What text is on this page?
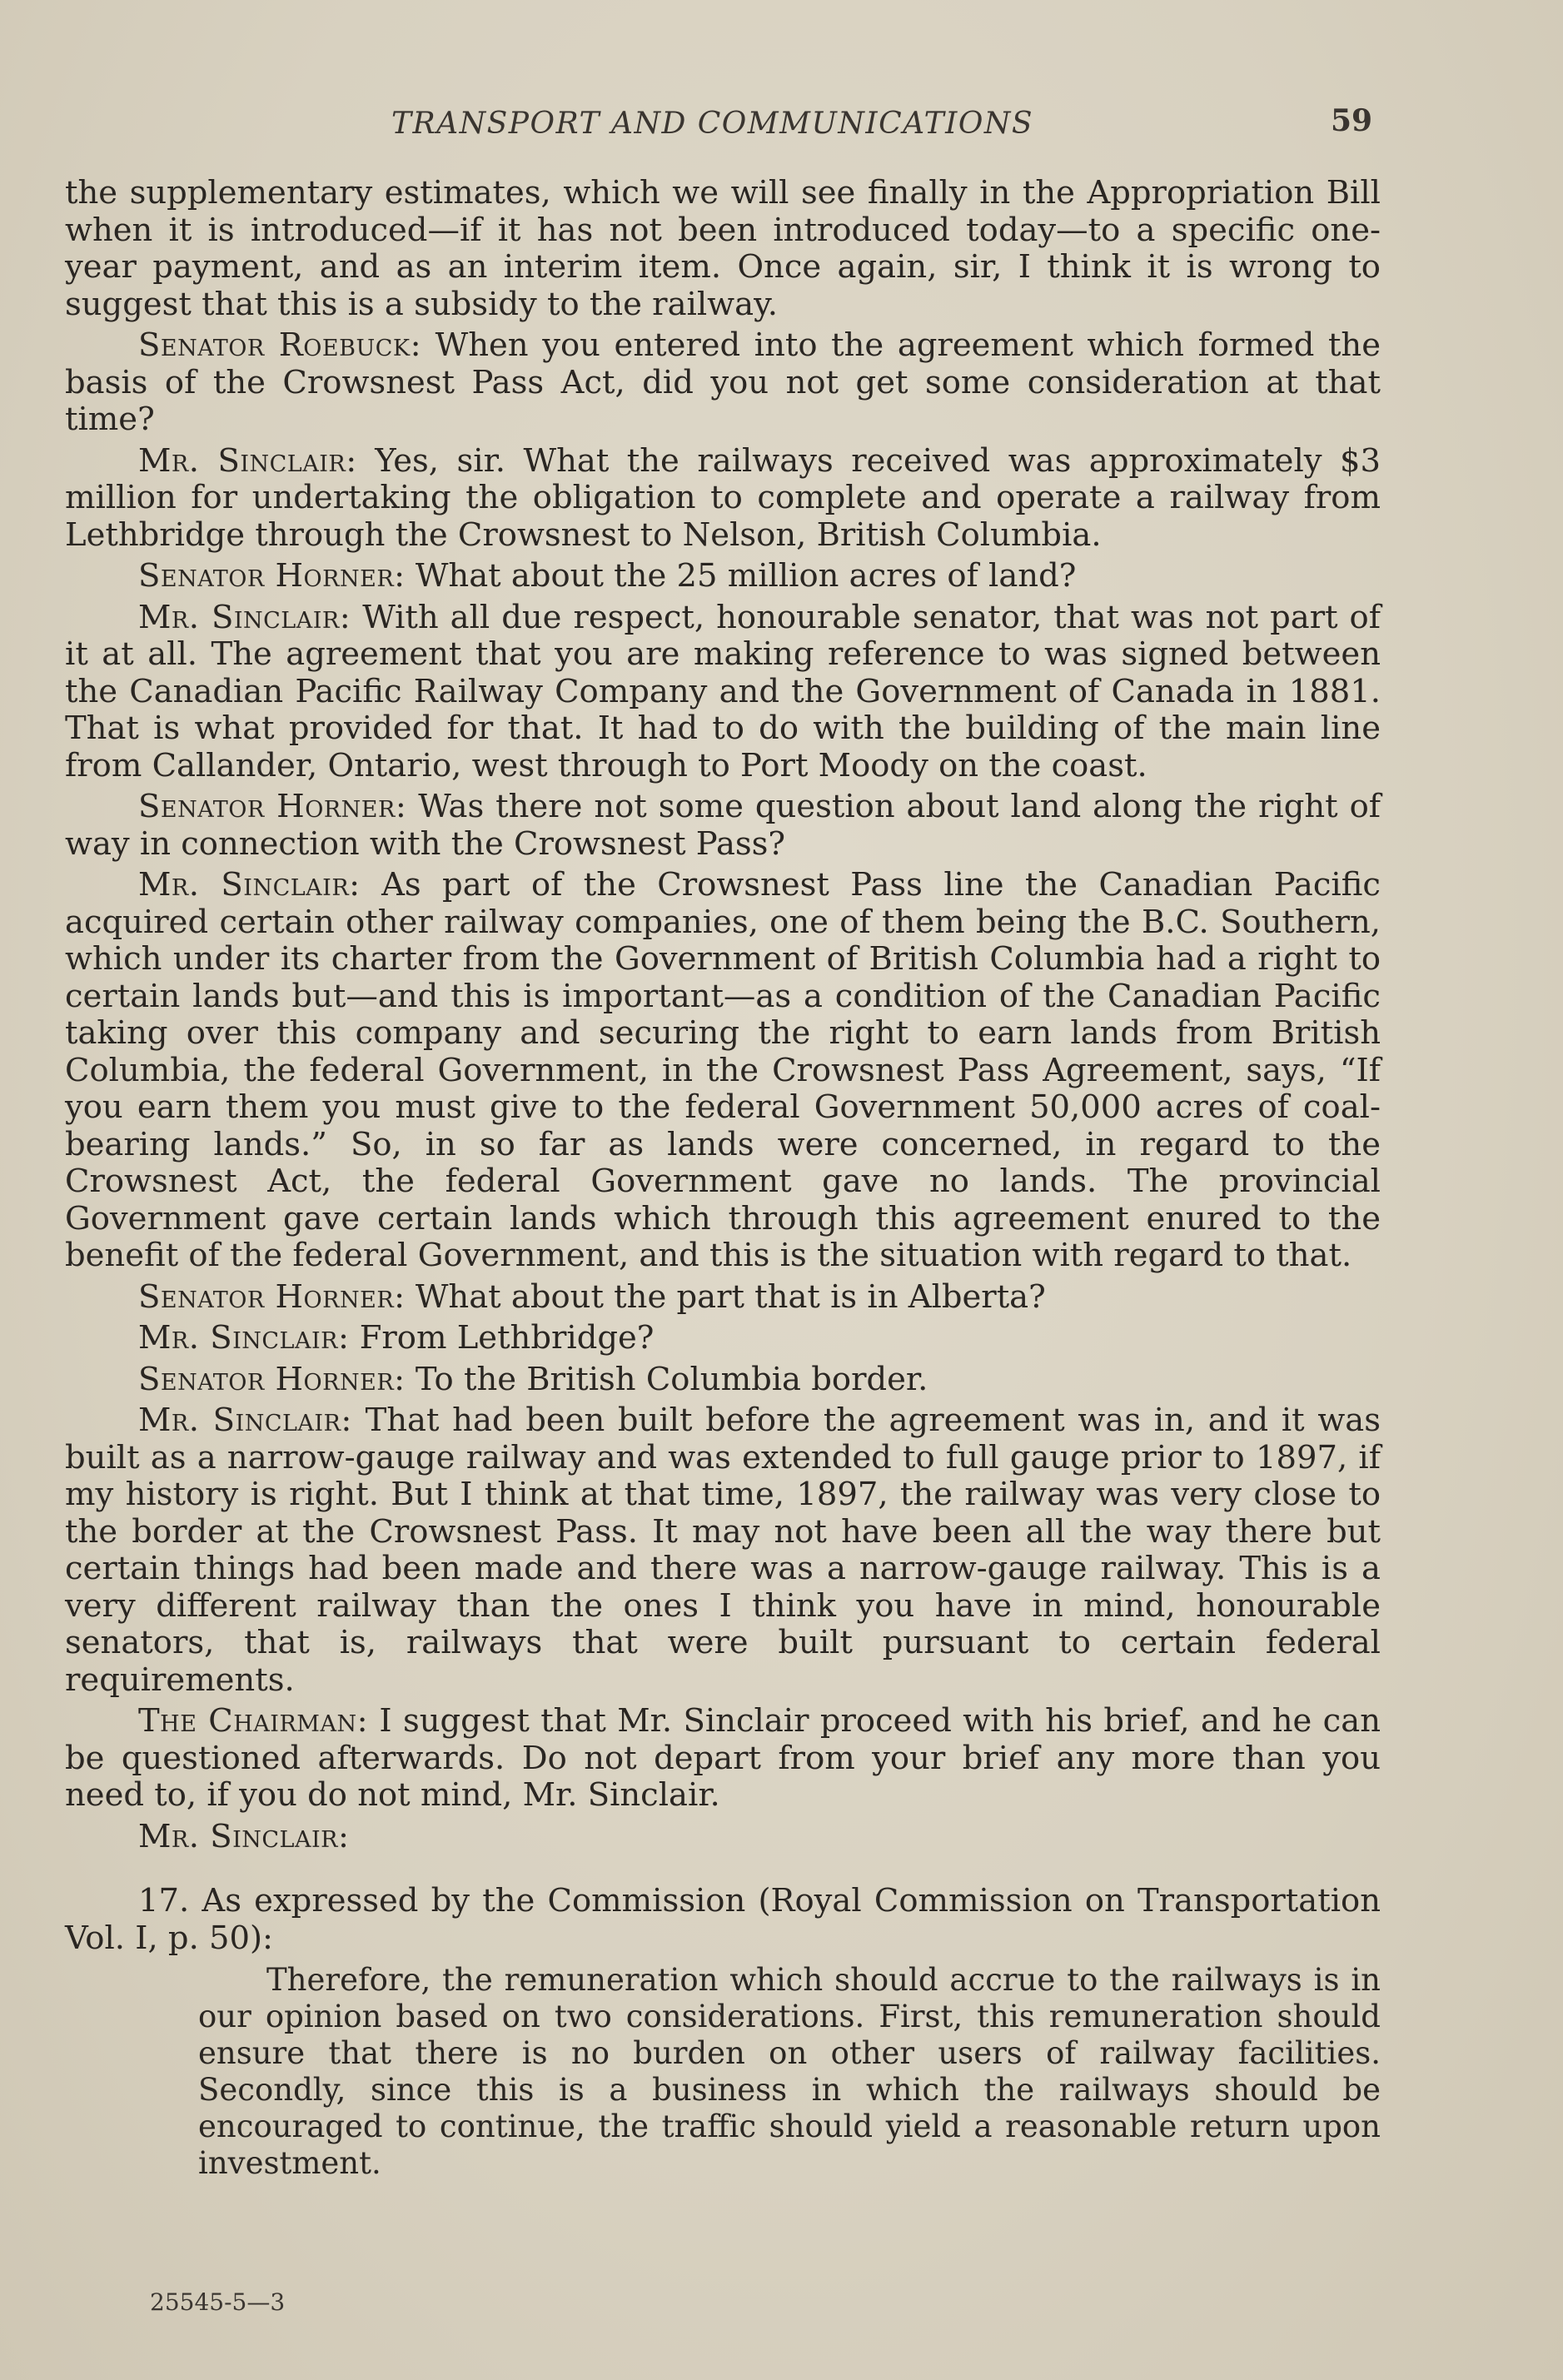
TRANSPORT AND COMMUNICATIONS	59

the supplementary estimates, which we will see finally in the Appropriation Bill when it is introduced—if it has not been introduced today—to a specific one-year payment, and as an interim item. Once again, sir, I think it is wrong to suggest that this is a subsidy to the railway.

Senator Roebuck: When you entered into the agreement which formed the basis of the Crowsnest Pass Act, did you not get some consideration at that time?

Mr. Sinclair: Yes, sir. What the railways received was approximately $3 million for undertaking the obligation to complete and operate a railway from Lethbridge through the Crowsnest to Nelson, British Columbia.

Senator Horner: What about the 25 million acres of land?

Mr. Sinclair: With all due respect, honourable senator, that was not part of it at all. The agreement that you are making reference to was signed between the Canadian Pacific Railway Company and the Government of Canada in 1881. That is what provided for that. It had to do with the building of the main line from Callander, Ontario, west through to Port Moody on the coast.

Senator Horner: Was there not some question about land along the right of way in connection with the Crowsnest Pass?

Mr. Sinclair: As part of the Crowsnest Pass line the Canadian Pacific acquired certain other railway companies, one of them being the B.C. Southern, which under its charter from the Government of British Columbia had a right to certain lands but—and this is important—as a condition of the Canadian Pacific taking over this company and securing the right to earn lands from British Columbia, the federal Government, in the Crowsnest Pass Agreement, says, “If you earn them you must give to the federal Government 50,000 acres of coal-bearing lands.” So, in so far as lands were concerned, in regard to the Crowsnest Act, the federal Government gave no lands. The provincial Government gave certain lands which through this agreement enured to the benefit of the federal Government, and this is the situation with regard to that.

Senator Horner: What about the part that is in Alberta?

Mr. Sinclair: From Lethbridge?

Senator Horner: To the British Columbia border.

Mr. Sinclair: That had been built before the agreement was in, and it was built as a narrow-gauge railway and was extended to full gauge prior to 1897, if my history is right. But I think at that time, 1897, the railway was very close to the border at the Crowsnest Pass. It may not have been all the way there but certain things had been made and there was a narrow-gauge railway. This is a very different railway than the ones I think you have in mind, honourable senators, that is, railways that were built pursuant to certain federal requirements.

The Chairman: I suggest that Mr. Sinclair proceed with his brief, and he can be questioned afterwards. Do not depart from your brief any more than you need to, if you do not mind, Mr. Sinclair.

Mr. Sinclair:

17. As expressed by the Commission (Royal Commission on Transportation Vol. I, p. 50):

Therefore, the remuneration which should accrue to the railways is in our opinion based on two considerations. First, this remuneration should ensure that there is no burden on other users of railway facilities. Secondly, since this is a business in which the railways should be encouraged to continue, the traffic should yield a reasonable return upon investment.

25545-5—3
